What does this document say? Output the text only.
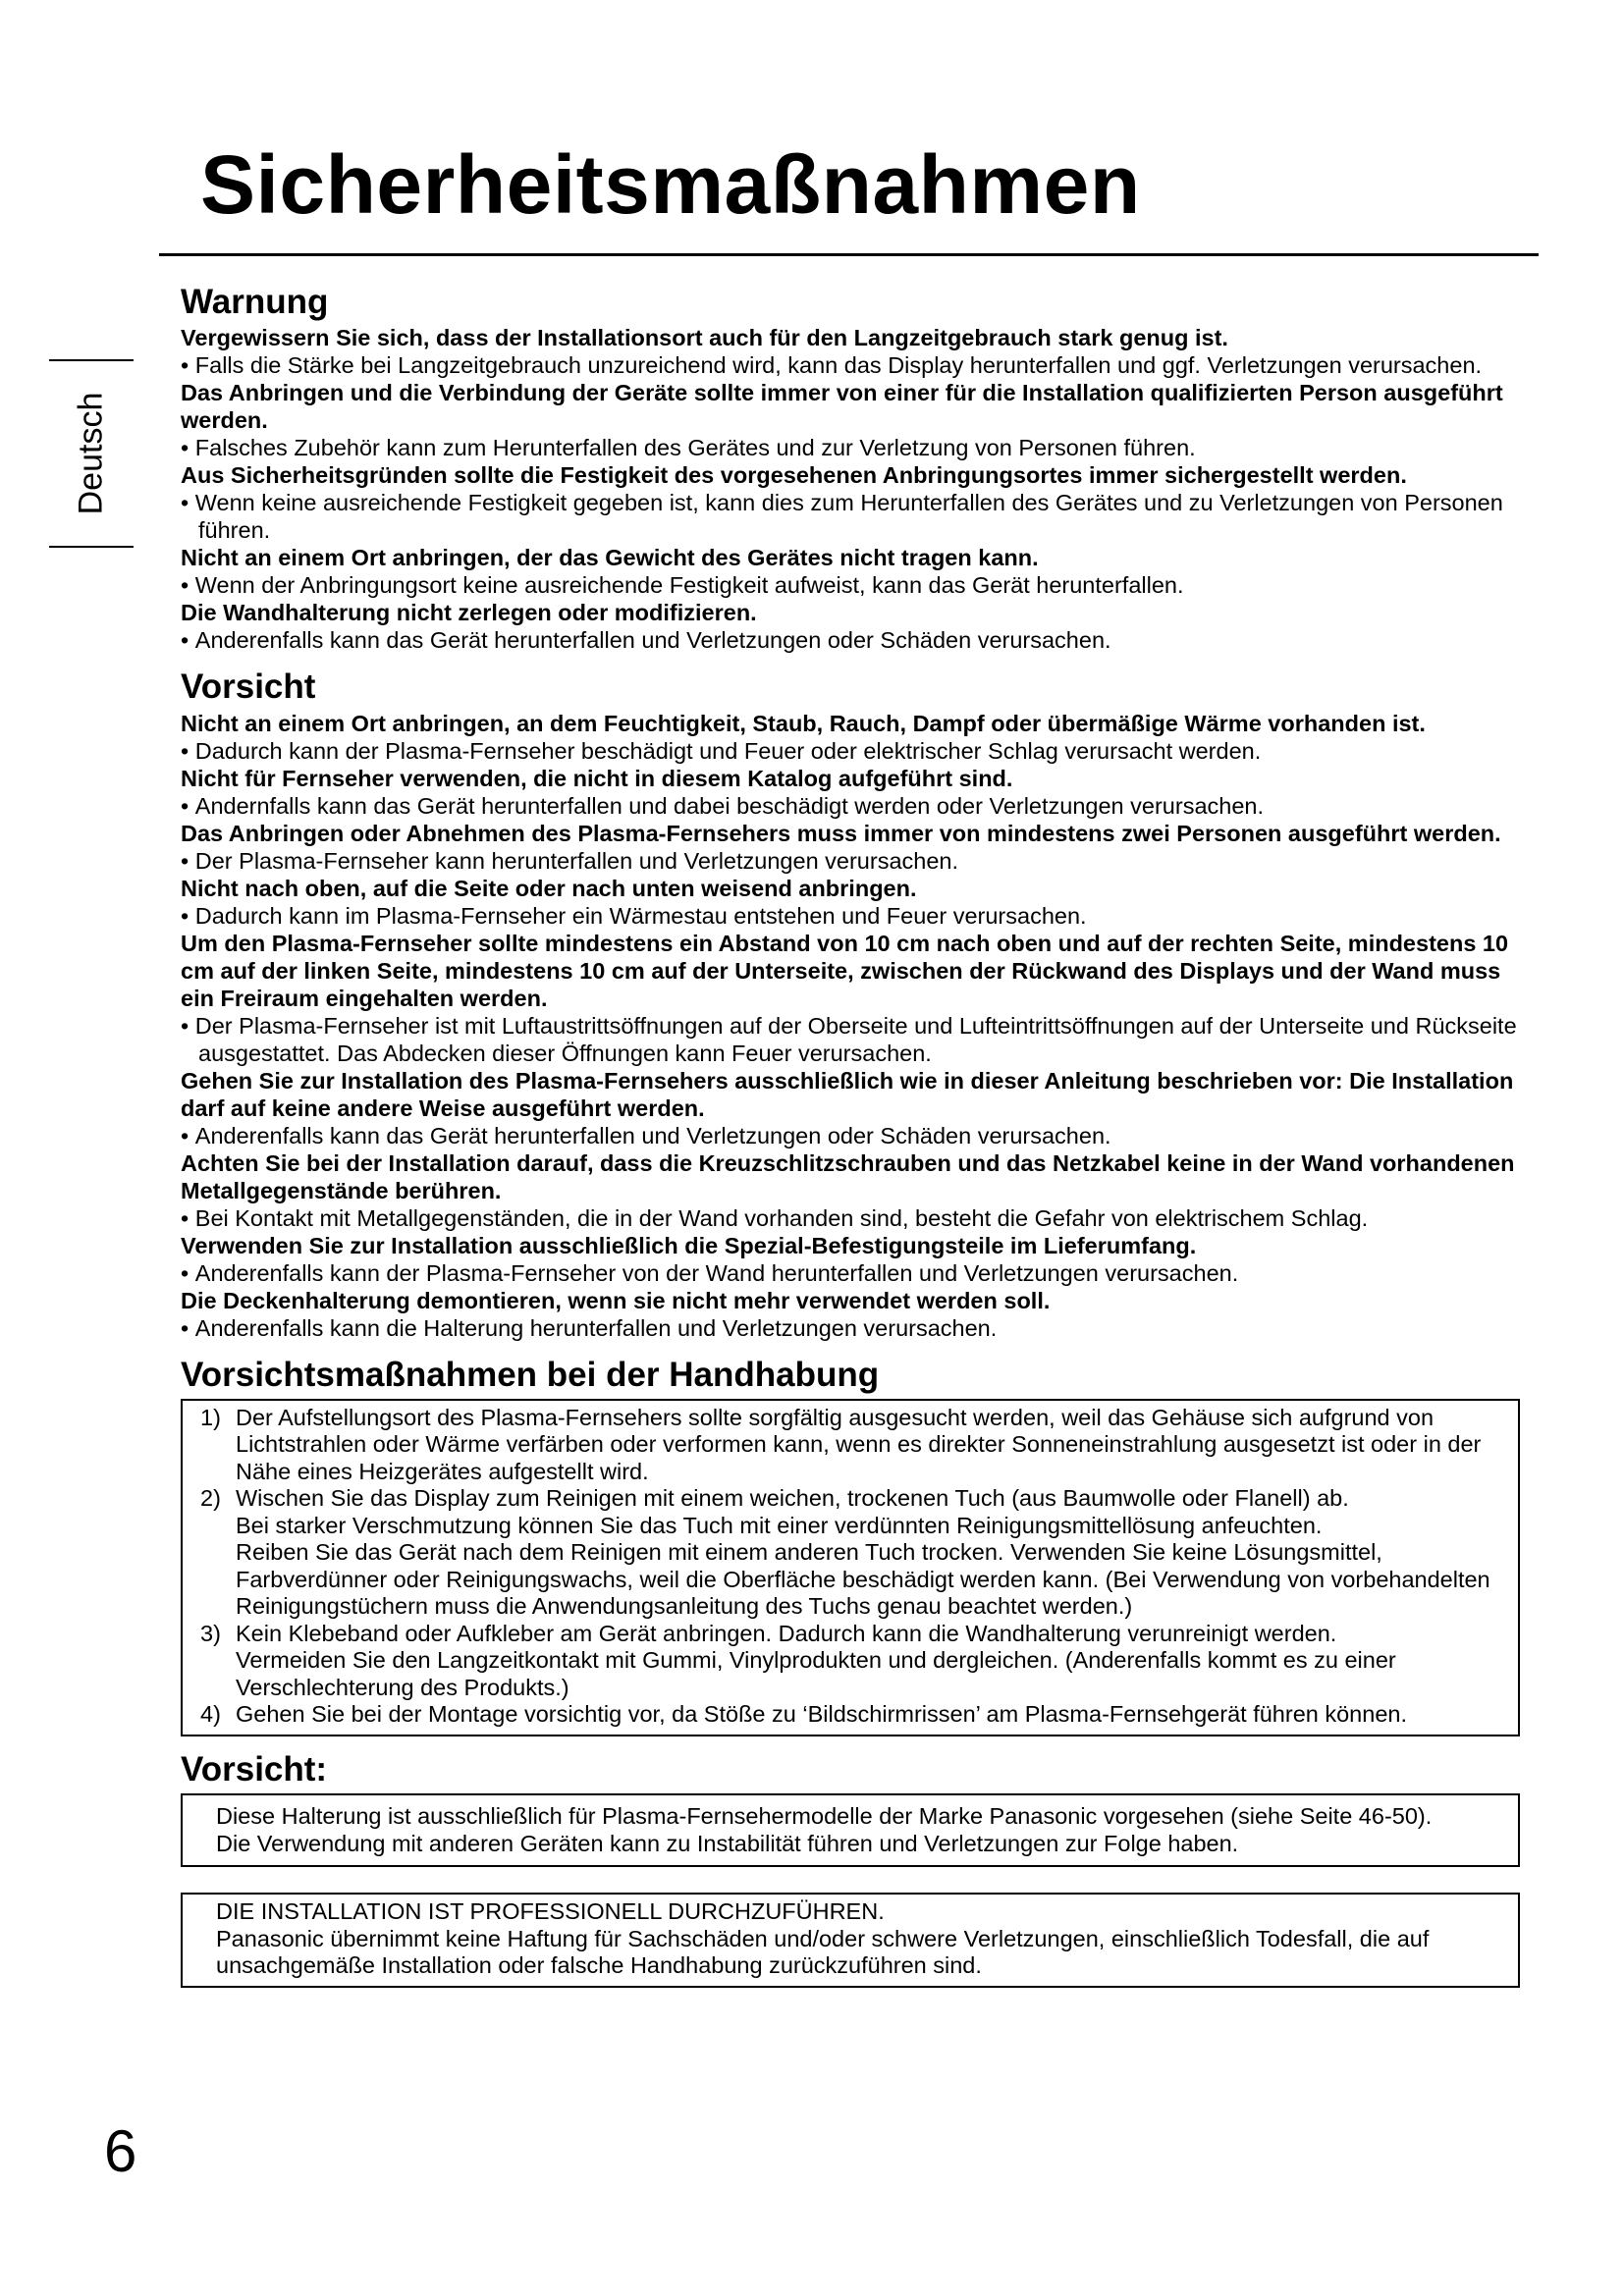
Sicherheitsmaßnahmen
Deutsch
Warnung
Vergewissern Sie sich, dass der Installationsort auch für den Langzeitgebrauch stark genug ist.
• Falls die Stärke bei Langzeitgebrauch unzureichend wird, kann das Display herunterfallen und ggf. Verletzungen verursachen.
Das Anbringen und die Verbindung der Geräte sollte immer von einer für die Installation qualifizierten Person ausgeführt werden.
• Falsches Zubehör kann zum Herunterfallen des Gerätes und zur Verletzung von Personen führen.
Aus Sicherheitsgründen sollte die Festigkeit des vorgesehenen Anbringungsortes immer sichergestellt werden.
• Wenn keine ausreichende Festigkeit gegeben ist, kann dies zum Herunterfallen des Gerätes und zu Verletzungen von Personen führen.
Nicht an einem Ort anbringen, der das Gewicht des Gerätes nicht tragen kann.
• Wenn der Anbringungsort keine ausreichende Festigkeit aufweist, kann das Gerät herunterfallen.
Die Wandhalterung nicht zerlegen oder modifizieren.
• Anderenfalls kann das Gerät herunterfallen und Verletzungen oder Schäden verursachen.
Vorsicht
Nicht an einem Ort anbringen, an dem Feuchtigkeit, Staub, Rauch, Dampf oder übermäßige Wärme vorhanden ist.
• Dadurch kann der Plasma-Fernseher beschädigt und Feuer oder elektrischer Schlag verursacht werden.
Nicht für Fernseher verwenden, die nicht in diesem Katalog aufgeführt sind.
• Andernfalls kann das Gerät herunterfallen und dabei beschädigt werden oder Verletzungen verursachen.
Das Anbringen oder Abnehmen des Plasma-Fernsehers muss immer von mindestens zwei Personen ausgeführt werden.
• Der Plasma-Fernseher kann herunterfallen und Verletzungen verursachen.
Nicht nach oben, auf die Seite oder nach unten weisend anbringen.
• Dadurch kann im Plasma-Fernseher ein Wärmestau entstehen und Feuer verursachen.
Um den Plasma-Fernseher sollte mindestens ein Abstand von 10 cm nach oben und auf der rechten Seite, mindestens 10 cm auf der linken Seite, mindestens 10 cm auf der Unterseite, zwischen der Rückwand des Displays und der Wand muss ein Freiraum eingehalten werden.
• Der Plasma-Fernseher ist mit Luftaustrittsöffnungen auf der Oberseite und Lufteintrittsöffnungen auf der Unterseite und Rückseite ausgestattet. Das Abdecken dieser Öffnungen kann Feuer verursachen.
Gehen Sie zur Installation des Plasma-Fernsehers ausschließlich wie in dieser Anleitung beschrieben vor: Die Installation darf auf keine andere Weise ausgeführt werden.
• Anderenfalls kann das Gerät herunterfallen und Verletzungen oder Schäden verursachen.
Achten Sie bei der Installation darauf, dass die Kreuzschlitzschrauben und das Netzkabel keine in der Wand vorhandenen Metallgegenstände berühren.
• Bei Kontakt mit Metallgegenständen, die in der Wand vorhanden sind, besteht die Gefahr von elektrischem Schlag.
Verwenden Sie zur Installation ausschließlich die Spezial-Befestigungsteile im Lieferumfang.
• Anderenfalls kann der Plasma-Fernseher von der Wand herunterfallen und Verletzungen verursachen.
Die Deckenhalterung demontieren, wenn sie nicht mehr verwendet werden soll.
• Anderenfalls kann die Halterung herunterfallen und Verletzungen verursachen.
Vorsichtsmaßnahmen bei der Handhabung
1) Der Aufstellungsort des Plasma-Fernsehers sollte sorgfältig ausgesucht werden, weil das Gehäuse sich aufgrund von Lichtstrahlen oder Wärme verfärben oder verformen kann, wenn es direkter Sonneneinstrahlung ausgesetzt ist oder in der Nähe eines Heizgerätes aufgestellt wird.
2) Wischen Sie das Display zum Reinigen mit einem weichen, trockenen Tuch (aus Baumwolle oder Flanell) ab.
Bei starker Verschmutzung können Sie das Tuch mit einer verdünnten Reinigungsmittellösung anfeuchten.
Reiben Sie das Gerät nach dem Reinigen mit einem anderen Tuch trocken. Verwenden Sie keine Lösungsmittel, Farbverdünner oder Reinigungswachs, weil die Oberfläche beschädigt werden kann. (Bei Verwendung von vorbehandelten Reinigungstüchern muss die Anwendungsanleitung des Tuchs genau beachtet werden.)
3) Kein Klebeband oder Aufkleber am Gerät anbringen. Dadurch kann die Wandhalterung verunreinigt werden.
Vermeiden Sie den Langzeitkontakt mit Gummi, Vinylprodukten und dergleichen. (Anderenfalls kommt es zu einer Verschlechterung des Produkts.)
4) Gehen Sie bei der Montage vorsichtig vor, da Stöße zu ‘Bildschirmrissen’ am Plasma-Fernsehgerät führen können.
Vorsicht:
Diese Halterung ist ausschließlich für Plasma-Fernsehermodelle der Marke Panasonic vorgesehen (siehe Seite 46-50).
Die Verwendung mit anderen Geräten kann zu Instabilität führen und Verletzungen zur Folge haben.
DIE INSTALLATION IST PROFESSIONELL DURCHZUFÜHREN.
Panasonic übernimmt keine Haftung für Sachschäden und/oder schwere Verletzungen, einschließlich Todesfall, die auf unsachgemäße Installation oder falsche Handhabung zurückzuführen sind.
6
